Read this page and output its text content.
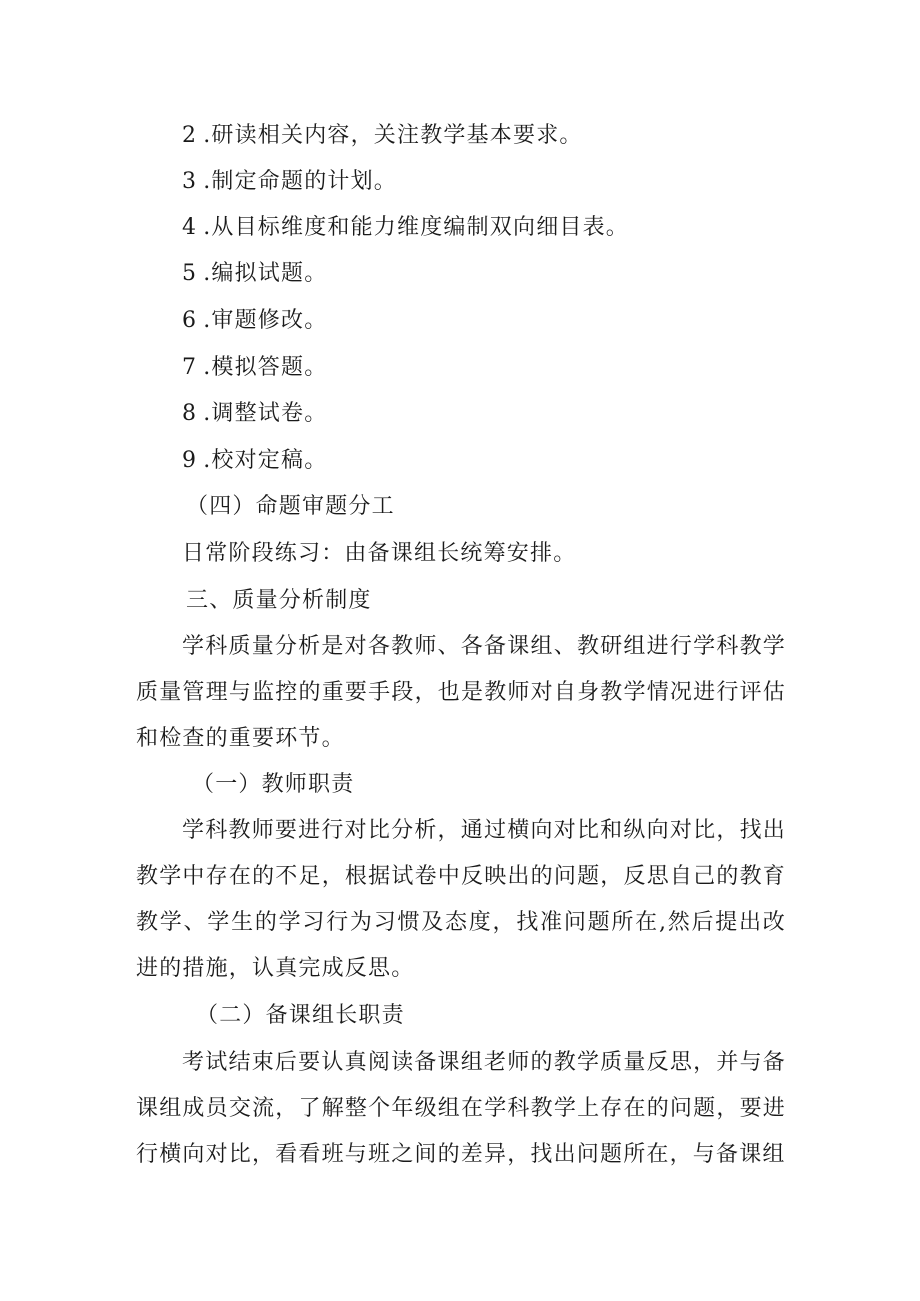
2 .研读相关内容，关注教学基本要求。
3 .制定命题的计划。
4 .从目标维度和能力维度编制双向细目表。
5 .编拟试题。
6 .审题修改。
7 .模拟答题。
8 .调整试卷。
9 .校对定稿。
（四）命题审题分工
日常阶段练习：由备课组长统筹安排。
三、质量分析制度
学科质量分析是对各教师、各备课组、教研组进行学科教学质量管理与监控的重要手段，也是教师对自身教学情况进行评估和检查的重要环节。
（一）教师职责
学科教师要进行对比分析，通过横向对比和纵向对比，找出教学中存在的不足，根据试卷中反映出的问题，反思自己的教育教学、学生的学习行为习惯及态度，找准问题所在,然后提出改进的措施，认真完成反思。
（二）备课组长职责
考试结束后要认真阅读备课组老师的教学质量反思，并与备课组成员交流，了解整个年级组在学科教学上存在的问题，要进行横向对比，看看班与班之间的差异，找出问题所在，与备课组
